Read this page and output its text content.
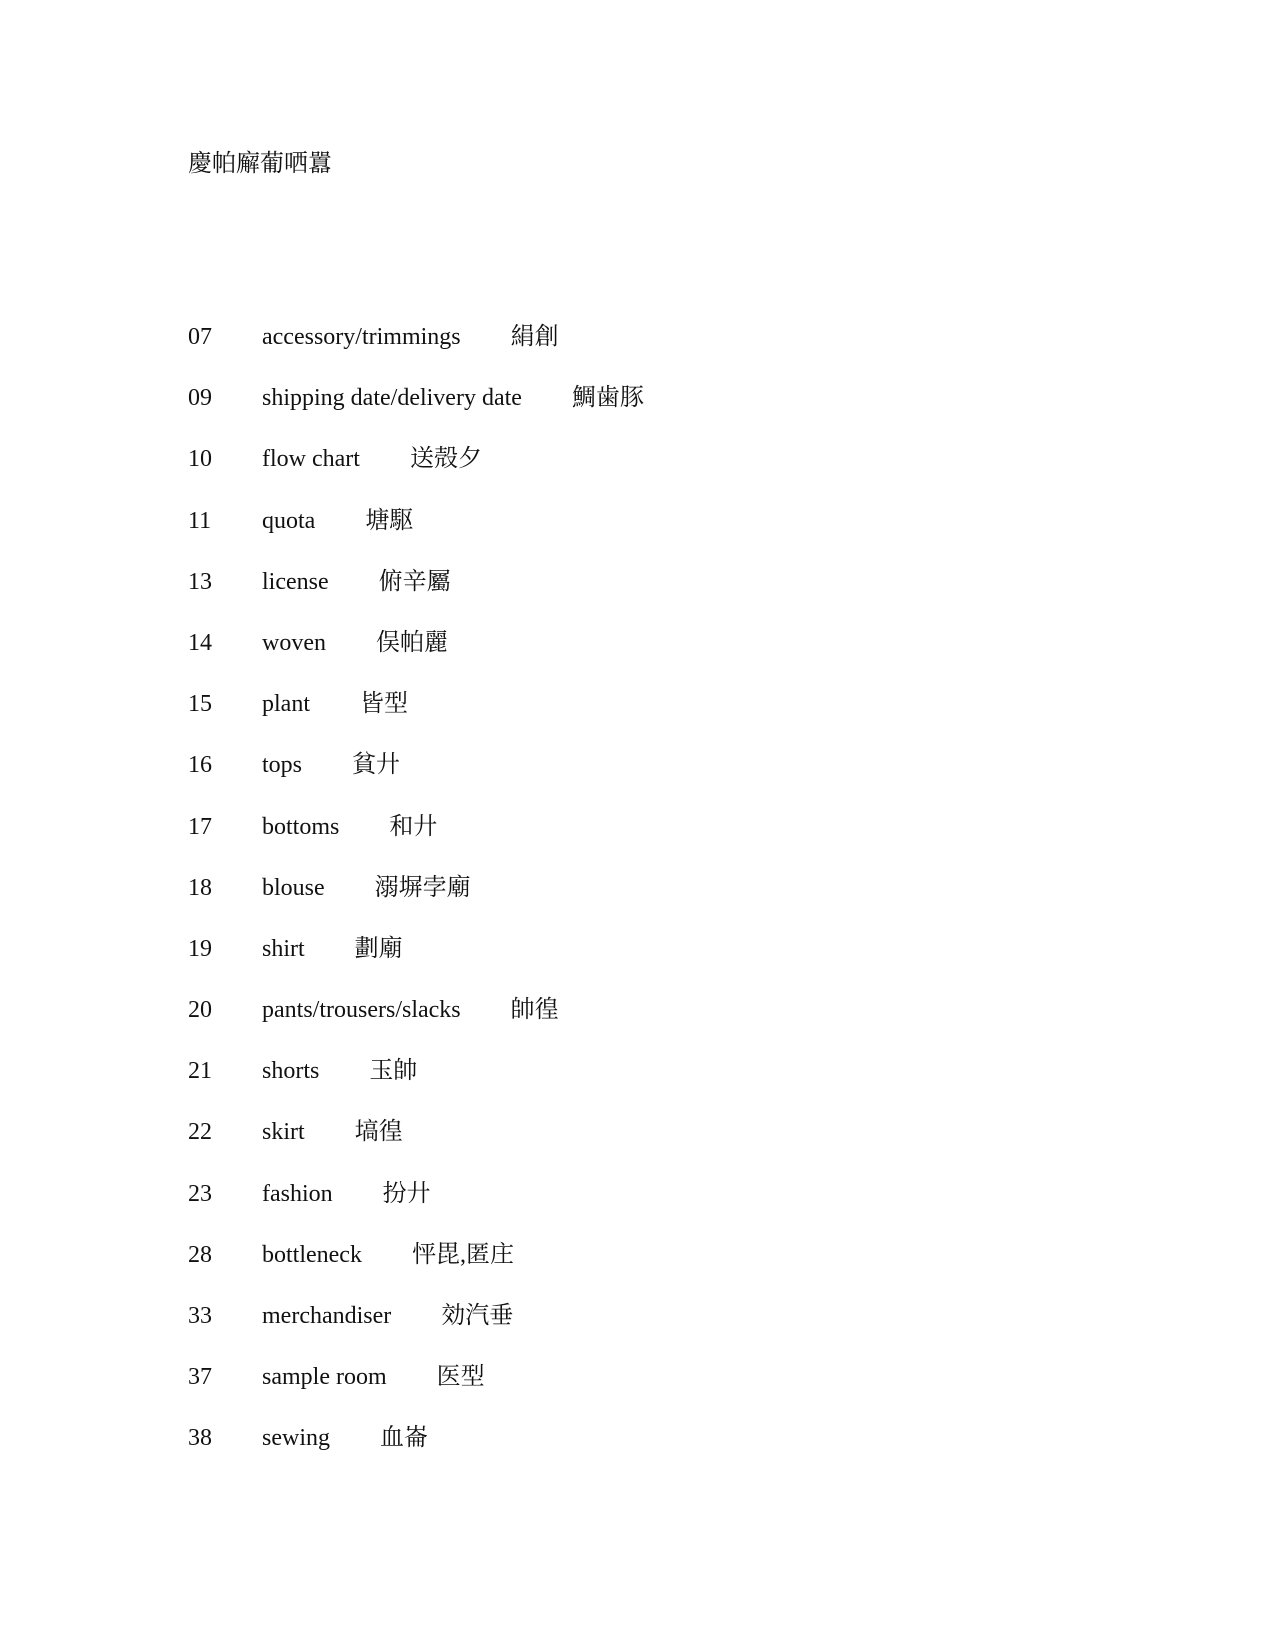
慶帕廨葡哂囂
07	accessory/trimmings 絹創
09	shipping date/delivery date 鯛歯豚
10	flow chart 送殻夕
11	quota 塘駆
13	license 俯辛屬
14	woven 俣帕麗
15	plant 皆型
16	tops 貧廾
17	bottoms 和廾
18	blouse 溺塀孛廟
19	shirt 劃廟
20	pants/trousers/slacks 帥徨
21	shorts 玉帥
22	skirt 塙徨
23	fashion 扮廾
28	bottleneck 怦毘,匿庄
33	merchandiser 効汽垂
37	sample room 医型
38	sewing 血崙
